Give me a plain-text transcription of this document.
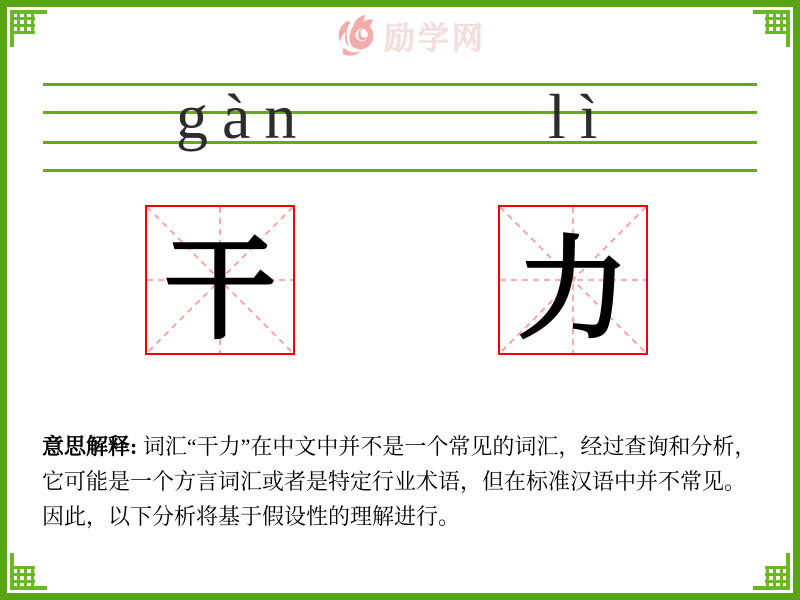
励学网
gàn	lì
干 力

意思解释: 词汇“干力”在中文中并不是一个常见的词汇，经过查询和分析，它可能是一个方言词汇或者是特定行业术语，但在标准汉语中并不常见。因此，以下分析将基于假设性的理解进行。
